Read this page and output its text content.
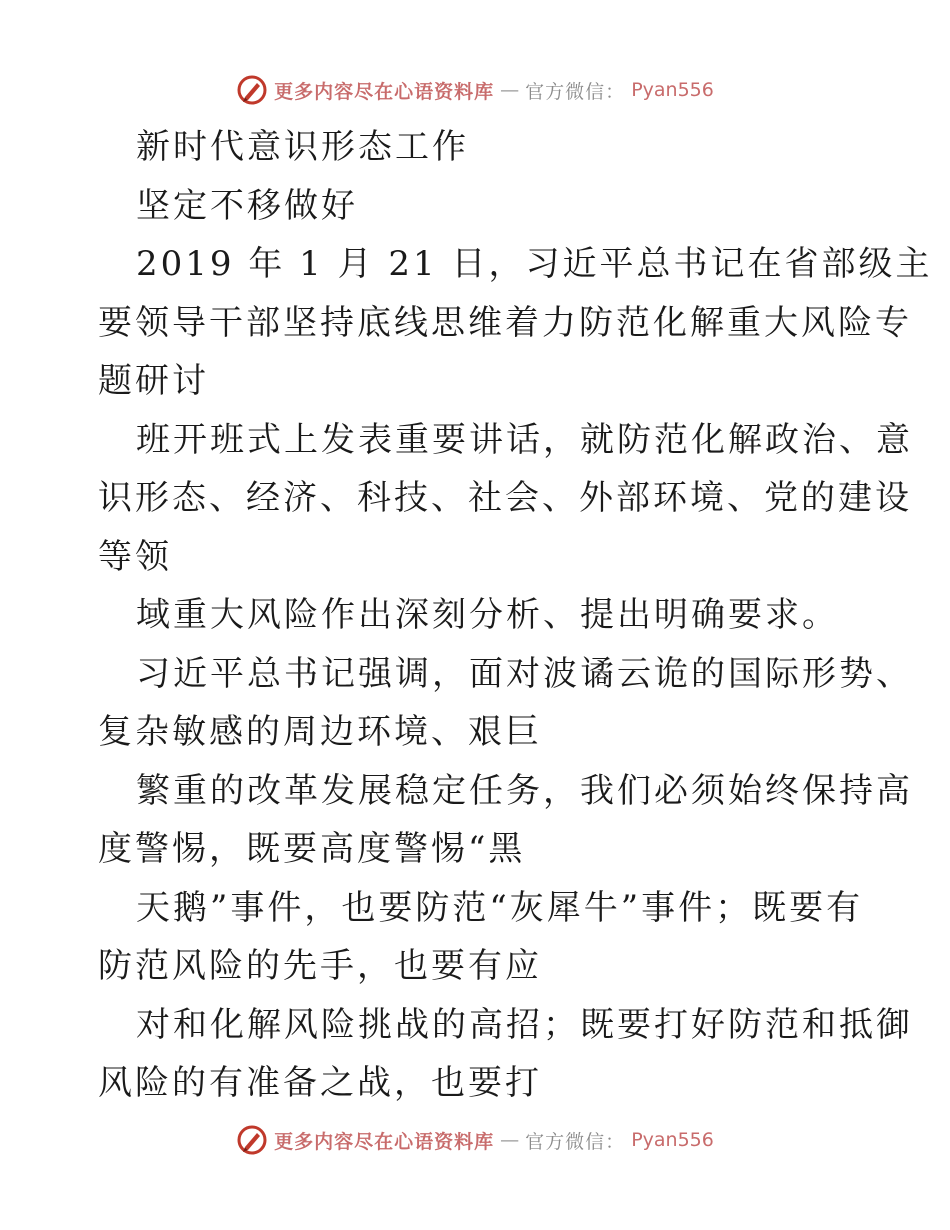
更多内容尽在心语资料库 — 官方微信： Pyan556
新时代意识形态工作
坚定不移做好
2019 年 1 月 21 日，习近平总书记在省部级主
要领导干部坚持底线思维着力防范化解重大风险专
题研讨
班开班式上发表重要讲话，就防范化解政治、意
识形态、经济、科技、社会、外部环境、党的建设
等领
域重大风险作出深刻分析、提出明确要求。
习近平总书记强调，面对波谲云诡的国际形势、
复杂敏感的周边环境、艰巨
繁重的改革发展稳定任务，我们必须始终保持高
度警惕，既要高度警惕“黑
天鹅”事件，也要防范“灰犀牛”事件；既要有
防范风险的先手，也要有应
对和化解风险挑战的高招；既要打好防范和抵御
风险的有准备之战，也要打
更多内容尽在心语资料库 — 官方微信： Pyan556
